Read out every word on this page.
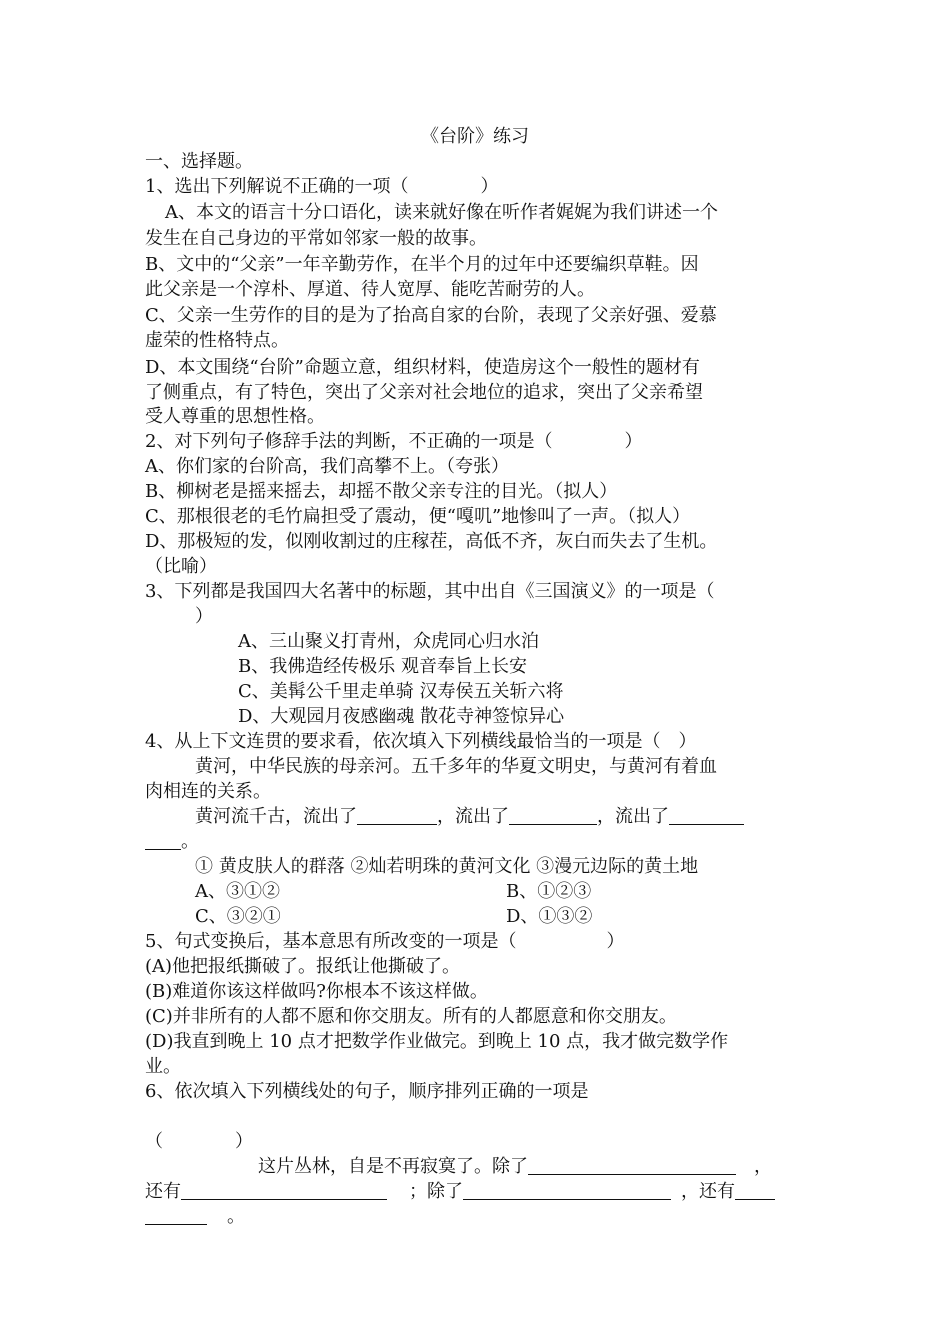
《台阶》练习
一、选择题。
1、选出下列解说不正确的一项（　　　　）
A、本文的语言十分口语化，读来就好像在听作者娓娓为我们讲述一个
发生在自己身边的平常如邻家一般的故事。
B、文中的“父亲”一年辛勤劳作，在半个月的过年中还要编织草鞋。因
此父亲是一个淳朴、厚道、待人宽厚、能吃苦耐劳的人。
C、父亲一生劳作的目的是为了抬高自家的台阶，表现了父亲好强、爱慕
虚荣的性格特点。
D、本文围绕“台阶”命题立意，组织材料，使造房这个一般性的题材有
了侧重点，有了特色，突出了父亲对社会地位的追求，突出了父亲希望
受人尊重的思想性格。
2、对下列句子修辞手法的判断，不正确的一项是（　　　　）
A、你们家的台阶高，我们高攀不上。（夸张）
B、柳树老是摇来摇去，却摇不散父亲专注的目光。（拟人）
C、那根很老的毛竹扁担受了震动，便“嘎叽”地惨叫了一声。（拟人）
D、那极短的发，似刚收割过的庄稼茬，高低不齐，灰白而失去了生机。
（比喻）
3、下列都是我国四大名著中的标题，其中出自《三国演义》的一项是（
）
A、三山聚义打青州，众虎同心归水泊
B、我佛造经传极乐 观音奉旨上长安
C、美髯公千里走单骑 汉寿侯五关斩六将
D、大观园月夜感幽魂 散花寺神签惊异心
4、从上下文连贯的要求看，依次填入下列横线最恰当的一项是（　）
黄河，中华民族的母亲河。五千多年的华夏文明史，与黄河有着血
肉相连的关系。
黄河流千古，流出了	，流出了	，流出了
。
① 黄皮肤人的群落 ②灿若明珠的黄河文化 ③漫元边际的黄土地
A、③①②	B、①②③
C、③②①	D、①③②
5、句式变换后，基本意思有所改变的一项是（　　　　　）
(A)他把报纸撕破了。报纸让他撕破了。
(B)难道你该这样做吗?你根本不该这样做。
(C)并非所有的人都不愿和你交朋友。所有的人都愿意和你交朋友。
(D)我直到晚上 10 点才把数学作业做完。到晚上 10 点，我才做完数学作
业。
6、依次填入下列横线处的句子，顺序排列正确的一项是
（　　　　）
这片丛林，自是不再寂寞了。除了	，
还有	；除了	，还有
。
